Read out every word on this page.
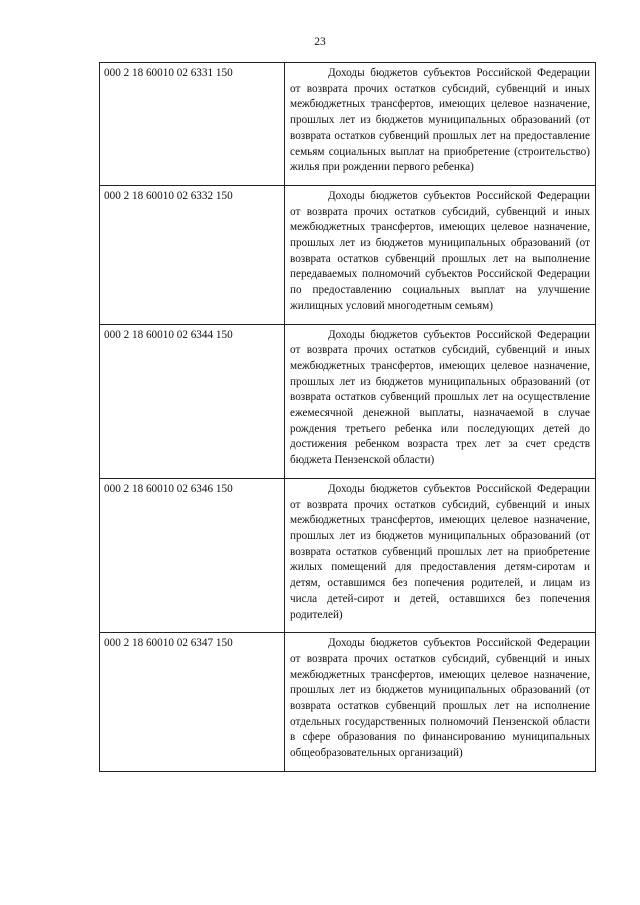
23
000 2 18 60010 02 6331 150	Доходы бюджетов субъектов Российской Федерации от возврата прочих остатков субсидий, субвенций и иных межбюджетных трансфертов, имеющих целевое назначение, прошлых лет из бюджетов муниципальных образований (от возврата остатков субвенций прошлых лет на предоставление семьям социальных выплат на приобретение (строительство) жилья при рождении первого ребенка)
000 2 18 60010 02 6332 150	Доходы бюджетов субъектов Российской Федерации от возврата прочих остатков субсидий, субвенций и иных межбюджетных трансфертов, имеющих целевое назначение, прошлых лет из бюджетов муниципальных образований (от возврата остатков субвенций прошлых лет на выполнение передаваемых полномочий субъектов Российской Федерации по предоставлению социальных выплат на улучшение жилищных условий многодетным семьям)
000 2 18 60010 02 6344 150	Доходы бюджетов субъектов Российской Федерации от возврата прочих остатков субсидий, субвенций и иных межбюджетных трансфертов, имеющих целевое назначение, прошлых лет из бюджетов муниципальных образований (от возврата остатков субвенций прошлых лет на осуществление ежемесячной денежной выплаты, назначаемой в случае рождения третьего ребенка или последующих детей до достижения ребенком возраста трех лет за счет средств бюджета Пензенской области)
000 2 18 60010 02 6346 150	Доходы бюджетов субъектов Российской Федерации от возврата прочих остатков субсидий, субвенций и иных межбюджетных трансфертов, имеющих целевое назначение, прошлых лет из бюджетов муниципальных образований (от возврата остатков субвенций прошлых лет на приобретение жилых помещений для предоставления детям-сиротам и детям, оставшимся без попечения родителей, и лицам из числа детей-сирот и детей, оставшихся без попечения родителей)
000 2 18 60010 02 6347 150	Доходы бюджетов субъектов Российской Федерации от возврата прочих остатков субсидий, субвенций и иных межбюджетных трансфертов, имеющих целевое назначение, прошлых лет из бюджетов муниципальных образований (от возврата остатков субвенций прошлых лет на исполнение отдельных государственных полномочий Пензенской области в сфере образования по финансированию муниципальных общеобразовательных организаций)
